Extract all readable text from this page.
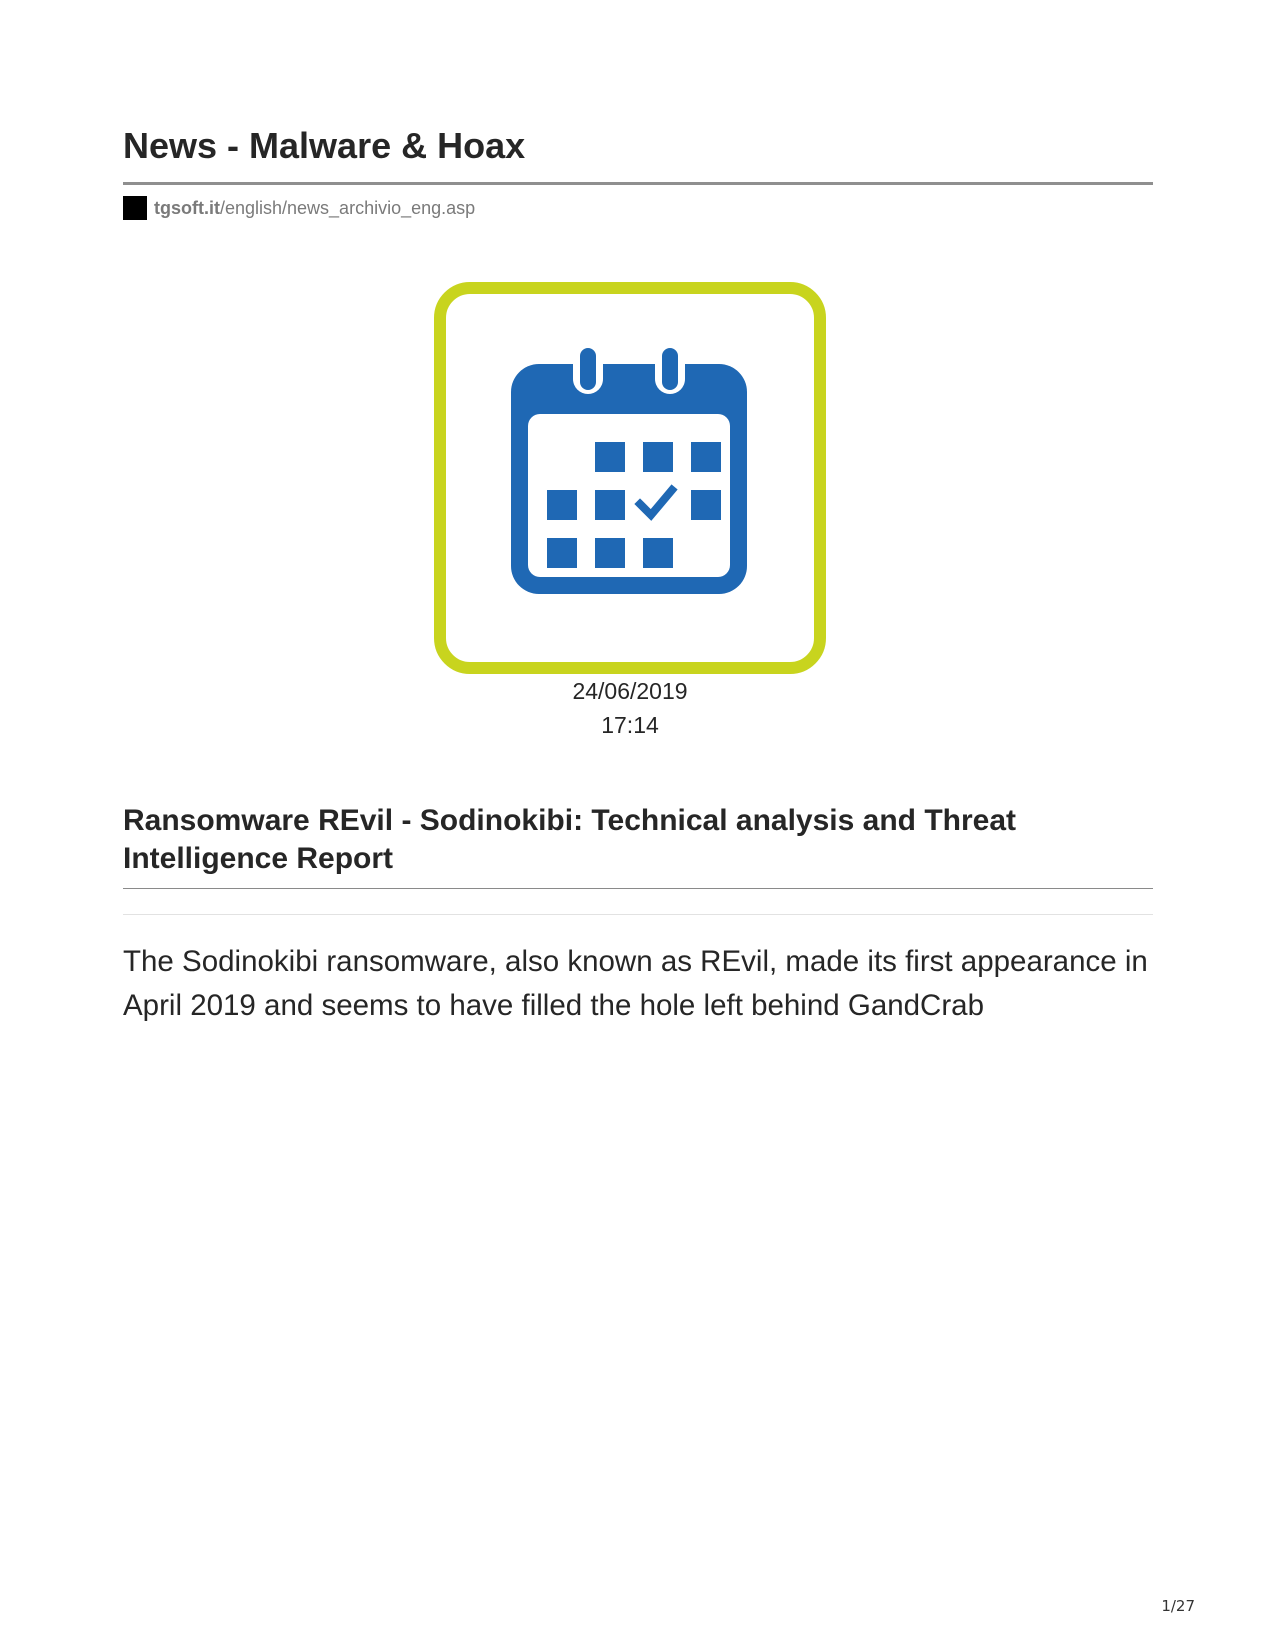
News - Malware & Hoax
tgsoft.it /english/news_archivio_eng.asp
24/06/2019
17:14
Ransomware REvil - Sodinokibi: Technical analysis and Threat Intelligence Report

The Sodinokibi ransomware, also known as REvil, made its first appearance in April 2019 and seems to have filled the hole left behind GandCrab

1/27
